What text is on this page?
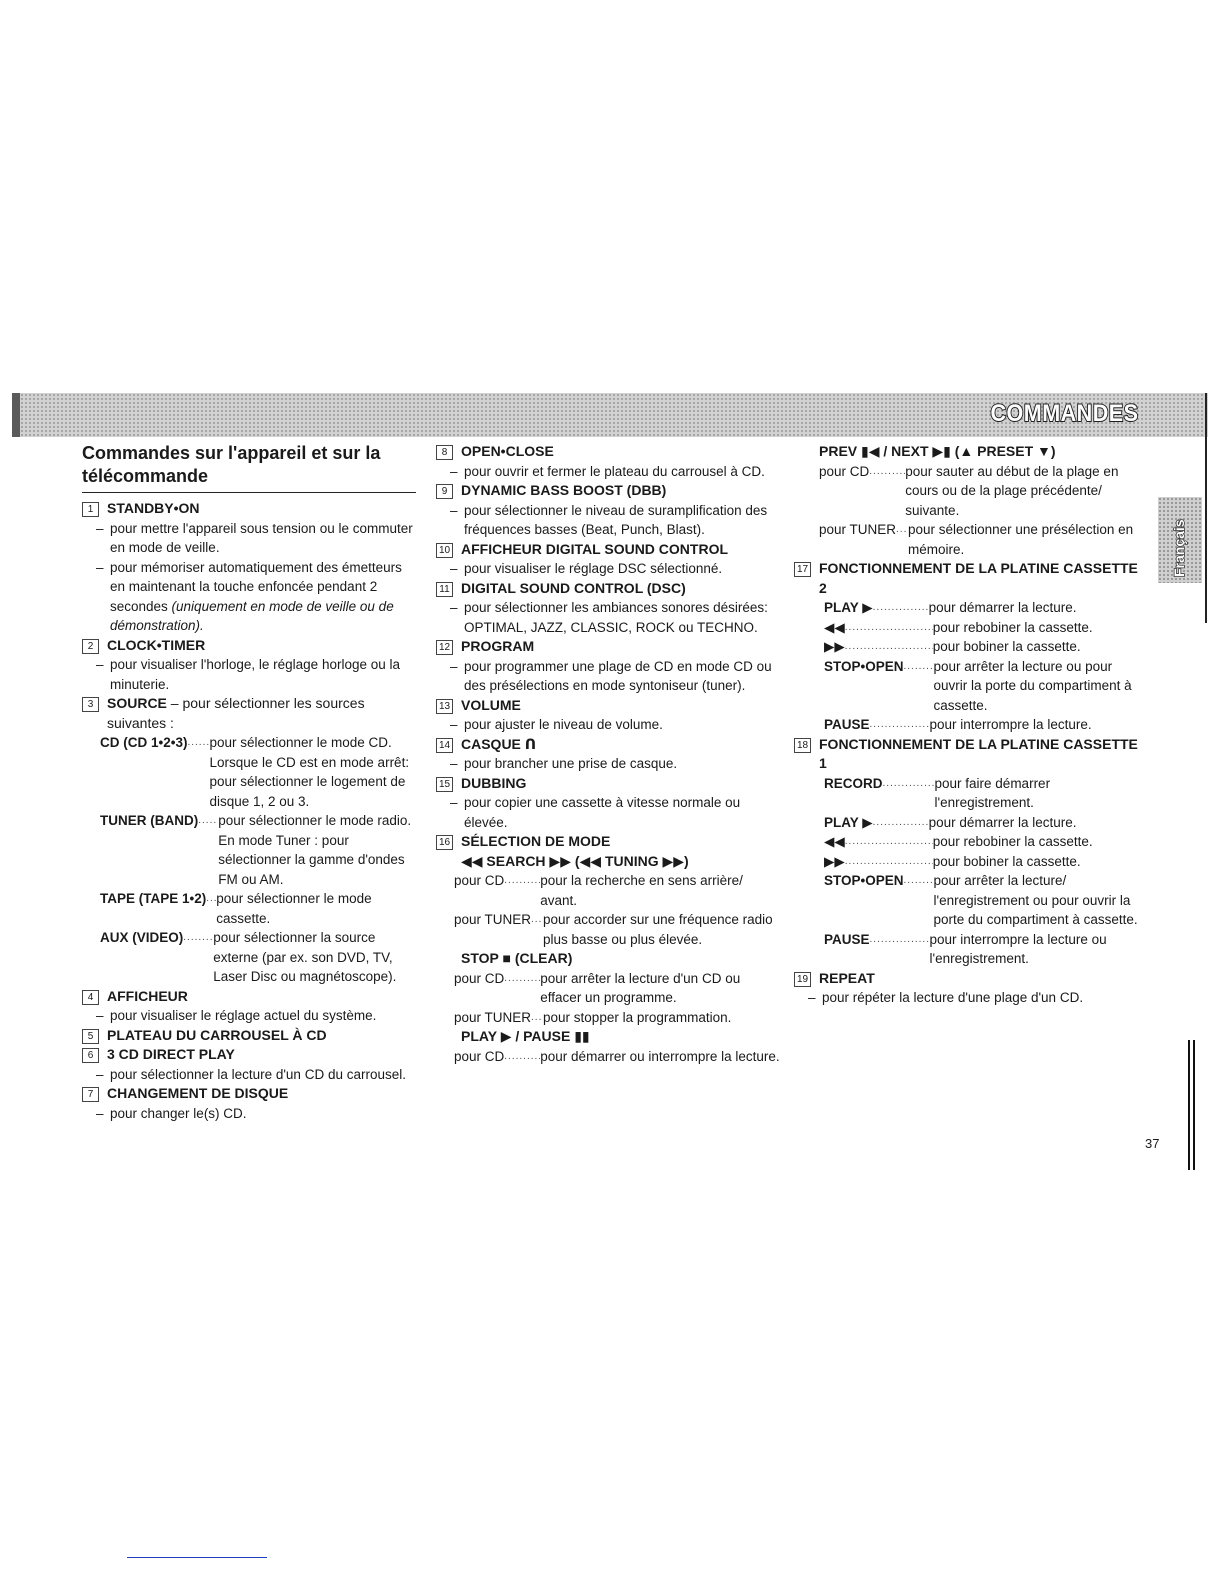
COMMANDES
Français
Commandes sur l'appareil et sur la télécommande
1 STANDBY•ON
– pour mettre l'appareil sous tension ou le commuter en mode de veille.
– pour mémoriser automatiquement des émetteurs en maintenant la touche enfoncée pendant 2 secondes (uniquement en mode de veille ou de démonstration).
2 CLOCK•TIMER
– pour visualiser l'horloge, le réglage horloge ou la minuterie.
3 SOURCE – pour sélectionner les sources suivantes :
CD (CD 1•2•3) ..... pour sélectionner le mode CD. Lorsque le CD est en mode arrêt: pour sélectionner le logement de disque 1, 2 ou 3.
TUNER (BAND) ..... pour sélectionner le mode radio. En mode Tuner : pour sélectionner la gamme d'ondes FM ou AM.
TAPE (TAPE 1•2) ..... pour sélectionner le mode cassette.
AUX (VIDEO) ..... pour sélectionner la source externe (par ex. son DVD, TV, Laser Disc ou magnétoscope).
4 AFFICHEUR
– pour visualiser le réglage actuel du système.
5 PLATEAU DU CARROUSEL À CD
6 3 CD DIRECT PLAY
– pour sélectionner la lecture d'un CD du carrousel.
7 CHANGEMENT DE DISQUE
– pour changer le(s) CD.
8 OPEN•CLOSE
– pour ouvrir et fermer le plateau du carrousel à CD.
9 DYNAMIC BASS BOOST (DBB)
– pour sélectionner le niveau de suramplification des fréquences basses (Beat, Punch, Blast).
10 AFFICHEUR DIGITAL SOUND CONTROL
– pour visualiser le réglage DSC sélectionné.
11 DIGITAL SOUND CONTROL (DSC)
– pour sélectionner les ambiances sonores désirées: OPTIMAL, JAZZ, CLASSIC, ROCK ou TECHNO.
12 PROGRAM
– pour programmer une plage de CD en mode CD ou des présélections en mode syntoniseur (tuner).
13 VOLUME
– pour ajuster le niveau de volume.
14 CASQUE ᑎ
– pour brancher une prise de casque.
15 DUBBING
– pour copier une cassette à vitesse normale ou élevée.
16 SÉLECTION DE MODE
◀◀ SEARCH ▶▶ (◀◀ TUNING ▶▶)
pour CD .....	pour la recherche en sens arrière/ avant.
pour TUNER ..... pour accorder sur une fréquence radio plus basse ou plus élevée.
STOP ■ (CLEAR)
pour CD .....	pour arrêter la lecture d'un CD ou effacer un programme.
pour TUNER ..... pour stopper la programmation.
PLAY ▶ / PAUSE ▮▮
pour CD .....	pour démarrer ou interrompre la lecture.
PREV ▮◀ / NEXT ▶▮ (▲ PRESET ▼)
pour CD .....	pour sauter au début de la plage en cours ou de la plage précédente/ suivante.
pour TUNER ..... pour sélectionner une présélection en mémoire.
17 FONCTIONNEMENT DE LA PLATINE CASSETTE 2
PLAY ▶ .....	pour démarrer la lecture.
◀◀ .....	pour rebobiner la cassette.
▶▶ .....	pour bobiner la cassette.
STOP•OPEN ..... pour arrêter la lecture ou pour ouvrir la porte du compartiment à cassette.
PAUSE .....	pour interrompre la lecture.
18 FONCTIONNEMENT DE LA PLATINE CASSETTE 1
RECORD .....	pour faire démarrer l'enregistrement.
PLAY ▶ .....	pour démarrer la lecture.
◀◀ .....	pour rebobiner la cassette.
▶▶ .....	pour bobiner la cassette.
STOP•OPEN ..... pour arrêter la lecture/ l'enregistrement ou pour ouvrir la porte du compartiment à cassette.
PAUSE .....	pour interrompre la lecture ou l'enregistrement.
19 REPEAT
– pour répéter la lecture d'une plage d'un CD.
37
